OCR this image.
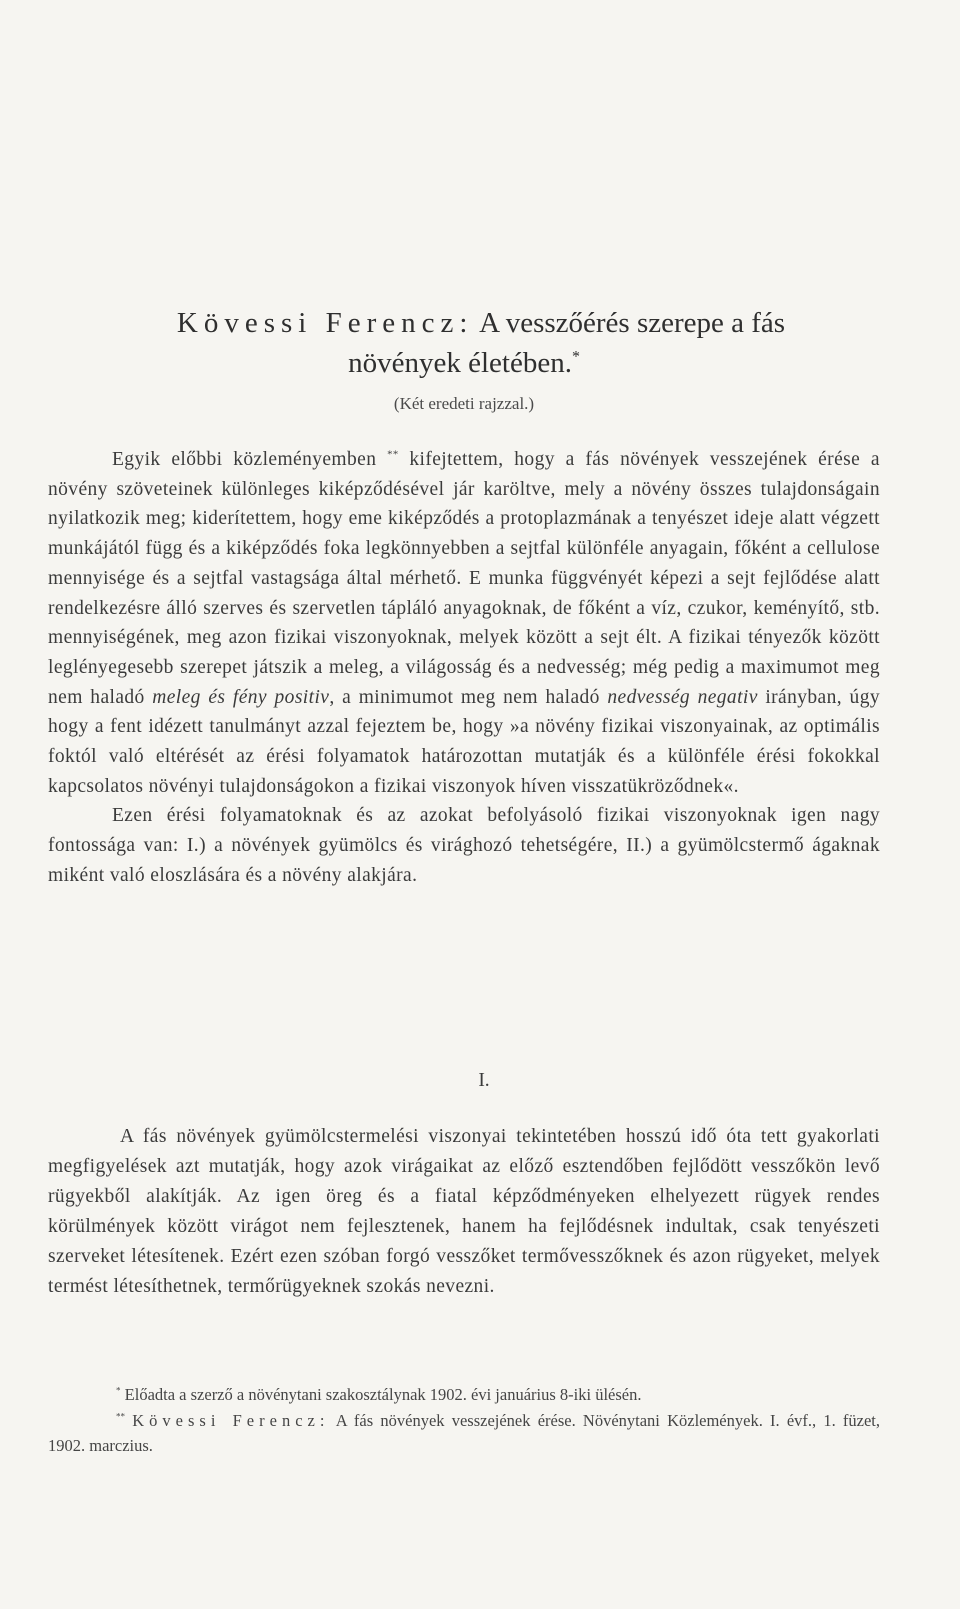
Kövessi Ferencz: A vesszőérés szerepe a fás
növények életében.*
(Két eredeti rajzzal.)

Egyik előbbi közleményemben ** kifejtettem, hogy a fás növények vesszejének érése a növény szöveteinek különleges kiképződésével jár karöltve, mely a növény összes tulajdonságain nyilatkozik meg; kiderítettem, hogy eme kiképződés a protoplazmának a tenyészet ideje alatt végzett munkájától függ és a kiképződés foka legkönnyebben a sejtfal különféle anyagain, főként a cellulose mennyisége és a sejtfal vastagsága által mérhető. E munka függvényét képezi a sejt fejlődése alatt rendelkezésre álló szerves és szervetlen tápláló anyagoknak, de főként a víz, czukor, keményítő, stb. mennyiségének, meg azon fizikai viszonyoknak, melyek között a sejt élt. A fizikai tényezők között leglényegesebb szerepet játszik a meleg, a világosság és a nedvesség; még pedig a maximumot meg nem haladó meleg és fény positiv, a minimumot meg nem haladó nedvesség negativ irányban, úgy hogy a fent idézett tanulmányt azzal fejeztem be, hogy »a növény fizikai viszonyainak, az optimális foktól való eltérését az érési folyamatok határozottan mutatják és a különféle érési fokokkal kapcsolatos növényi tulajdonságokon a fizikai viszonyok híven visszatükröződnek«.

Ezen érési folyamatoknak és az azokat befolyásoló fizikai viszonyoknak igen nagy fontossága van: I.) a növények gyümölcs és virághozó tehetségére, II.) a gyümölcstermő ágaknak miként való eloszlására és a növény alakjára.

I.

A fás növények gyümölcstermelési viszonyai tekintetében hosszú idő óta tett gyakorlati megfigyelések azt mutatják, hogy azok virágaikat az előző esztendőben fejlődött vesszőkön levő rügyekből alakítják. Az igen öreg és a fiatal képződményeken elhelyezett rügyek rendes körülmények között virágot nem fejlesztenek, hanem ha fejlődésnek indultak, csak tenyészeti szerveket létesítenek. Ezért ezen szóban forgó vesszőket termővesszőknek és azon rügyeket, melyek termést létesíthetnek, termőrügyeknek szokás nevezni.

* Előadta a szerző a növénytani szakosztálynak 1902. évi januárius 8-iki ülésén.

** Kövessi Ferencz: A fás növények vesszejének érése. Növénytani Közlemények. I. évf., 1. füzet, 1902. marczius.
